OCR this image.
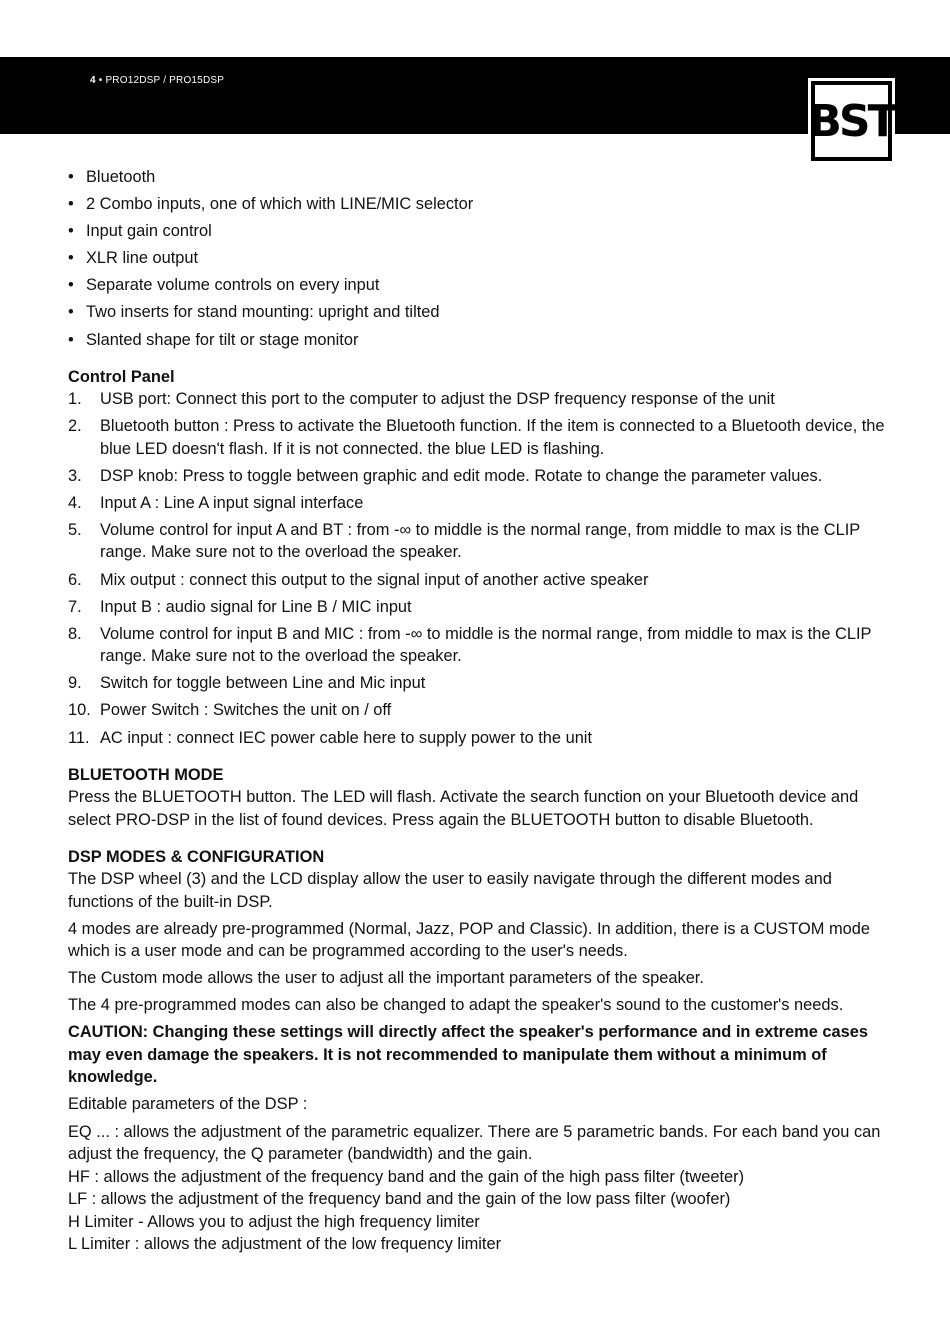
4 • PRO12DSP / PRO15DSP
BST
• Bluetooth
• 2 Combo inputs, one of which with LINE/MIC selector
• Input gain control
• XLR line output
• Separate volume controls on every input
• Two inserts for stand mounting: upright and tilted
• Slanted shape for tilt or stage monitor
Control Panel
1. USB port: Connect this port to the computer to adjust the DSP frequency response of the unit
2. Bluetooth button : Press to activate the Bluetooth function. If the item is connected to a Bluetooth device, the blue LED doesn't flash. If it is not connected. the blue LED is flashing.
3. DSP knob: Press to toggle between graphic and edit mode. Rotate to change the parameter values.
4. Input A : Line A input signal interface
5. Volume control for input A and BT : from -∞ to middle is the normal range, from middle to max is the CLIP range. Make sure not to the overload the speaker.
6. Mix output : connect this output to the signal input of another active speaker
7. Input B : audio signal for Line B / MIC input
8. Volume control for input B and MIC : from -∞ to middle is the normal range, from middle to max is the CLIP range. Make sure not to the overload the speaker.
9. Switch for toggle between Line and Mic input
10. Power Switch : Switches the unit on / off
11. AC input : connect IEC power cable here to supply power to the unit
BLUETOOTH MODE

Press the BLUETOOTH button. The LED will flash. Activate the search function on your Bluetooth device and select PRO-DSP in the list of found devices. Press again the BLUETOOTH button to disable Bluetooth.

DSP MODES & CONFIGURATION

The DSP wheel (3) and the LCD display allow the user to easily navigate through the different modes and functions of the built-in DSP.

4 modes are already pre-programmed (Normal, Jazz, POP and Classic). In addition, there is a CUSTOM mode which is a user mode and can be programmed according to the user's needs.

The Custom mode allows the user to adjust all the important parameters of the speaker.

The 4 pre-programmed modes can also be changed to adapt the speaker's sound to the customer's needs.

CAUTION: Changing these settings will directly affect the speaker's performance and in extreme cases may even damage the speakers. It is not recommended to manipulate them without a minimum of knowledge.

Editable parameters of the DSP :

EQ ... : allows the adjustment of the parametric equalizer. There are 5 parametric bands. For each band you can adjust the frequency, the Q parameter (bandwidth) and the gain.

HF : allows the adjustment of the frequency band and the gain of the high pass filter (tweeter)

LF : allows the adjustment of the frequency band and the gain of the low pass filter (woofer)

H Limiter - Allows you to adjust the high frequency limiter

L Limiter : allows the adjustment of the low frequency limiter
